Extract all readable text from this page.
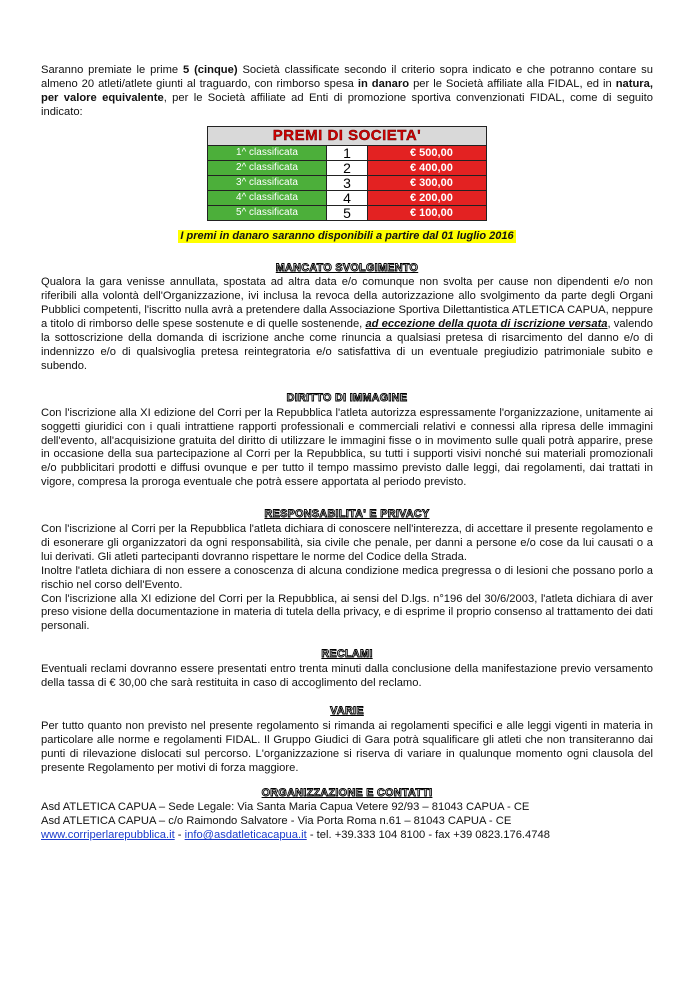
Saranno premiate le prime 5 (cinque) Società classificate secondo il criterio sopra indicato e che potranno contare su almeno 20 atleti/atlete giunti al traguardo, con rimborso spesa in danaro per le Società affiliate alla FIDAL, ed in natura, per valore equivalente, per le Società affiliate ad Enti di promozione sportiva convenzionati FIDAL, come di seguito indicato:

PREMI DI SOCIETA'		
1^ classificata	1	€ 500,00
2^ classificata	2	€ 400,00
3^ classificata	3	€ 300,00
4^ classificata	4	€ 200,00
5^ classificata	5	€ 100,00
I premi in danaro saranno disponibili a partire dal 01 luglio 2016
MANCATO SVOLGIMENTO

Qualora la gara venisse annullata, spostata ad altra data e/o comunque non svolta per cause non dipendenti e/o non riferibili alla volontà dell'Organizzazione, ivi inclusa la revoca della autorizzazione allo svolgimento da parte degli Organi Pubblici competenti, l'iscritto nulla avrà a pretendere dalla Associazione Sportiva Dilettantistica ATLETICA CAPUA, neppure a titolo di rimborso delle spese sostenute e di quelle sostenende, ad eccezione della quota di iscrizione versata, valendo la sottoscrizione della domanda di iscrizione anche come rinuncia a qualsiasi pretesa di risarcimento del danno e/o di indennizzo e/o di qualsivoglia pretesa reintegratoria e/o satisfattiva di un eventuale pregiudizio patrimoniale subito e subendo.

DIRITTO DI IMMAGINE

Con l'iscrizione alla XI edizione del Corri per la Repubblica l'atleta autorizza espressamente l'organizzazione, unitamente ai soggetti giuridici con i quali intrattiene rapporti professionali e commerciali relativi e connessi alla ripresa delle immagini dell'evento, all'acquisizione gratuita del diritto di utilizzare le immagini fisse o in movimento sulle quali potrà apparire, prese in occasione della sua partecipazione al Corri per la Repubblica, su tutti i supporti visivi nonché sui materiali promozionali e/o pubblicitari prodotti e diffusi ovunque e per tutto il tempo massimo previsto dalle leggi, dai regolamenti, dai trattati in vigore, compresa la proroga eventuale che potrà essere apportata al periodo previsto.

RESPONSABILITA' E PRIVACY

Con l'iscrizione al Corri per la Repubblica l'atleta dichiara di conoscere nell'interezza, di accettare il presente regolamento e di esonerare gli organizzatori da ogni responsabilità, sia civile che penale, per danni a persone e/o cose da lui causati o a lui derivati. Gli atleti partecipanti dovranno rispettare le norme del Codice della Strada.

Inoltre l'atleta dichiara di non essere a conoscenza di alcuna condizione medica pregressa o di lesioni che possano porlo a rischio nel corso dell'Evento.

Con l'iscrizione alla XI edizione del Corri per la Repubblica, ai sensi del D.lgs. n°196 del 30/6/2003, l'atleta dichiara di aver preso visione della documentazione in materia di tutela della privacy, e di esprime il proprio consenso al trattamento dei dati personali.

RECLAMI

Eventuali reclami dovranno essere presentati entro trenta minuti dalla conclusione della manifestazione previo versamento della tassa di € 30,00 che sarà restituita in caso di accoglimento del reclamo.

VARIE

Per tutto quanto non previsto nel presente regolamento si rimanda ai regolamenti specifici e alle leggi vigenti in materia in particolare alle norme e regolamenti FIDAL. Il Gruppo Giudici di Gara potrà squalificare gli atleti che non transiteranno dai punti di rilevazione dislocati sul percorso. L'organizzazione si riserva di variare in qualunque momento ogni clausola del presente Regolamento per motivi di forza maggiore.

ORGANIZZAZIONE E CONTATTI

Asd ATLETICA CAPUA – Sede Legale: Via Santa Maria Capua Vetere 92/93 – 81043 CAPUA - CE

Asd ATLETICA CAPUA – c/o Raimondo Salvatore - Via Porta Roma n.61 – 81043 CAPUA - CE

www.corriperlarepubblica.it - info@asdatleticacapua.it - tel. +39.333 104 8100 - fax +39 0823.176.4748
